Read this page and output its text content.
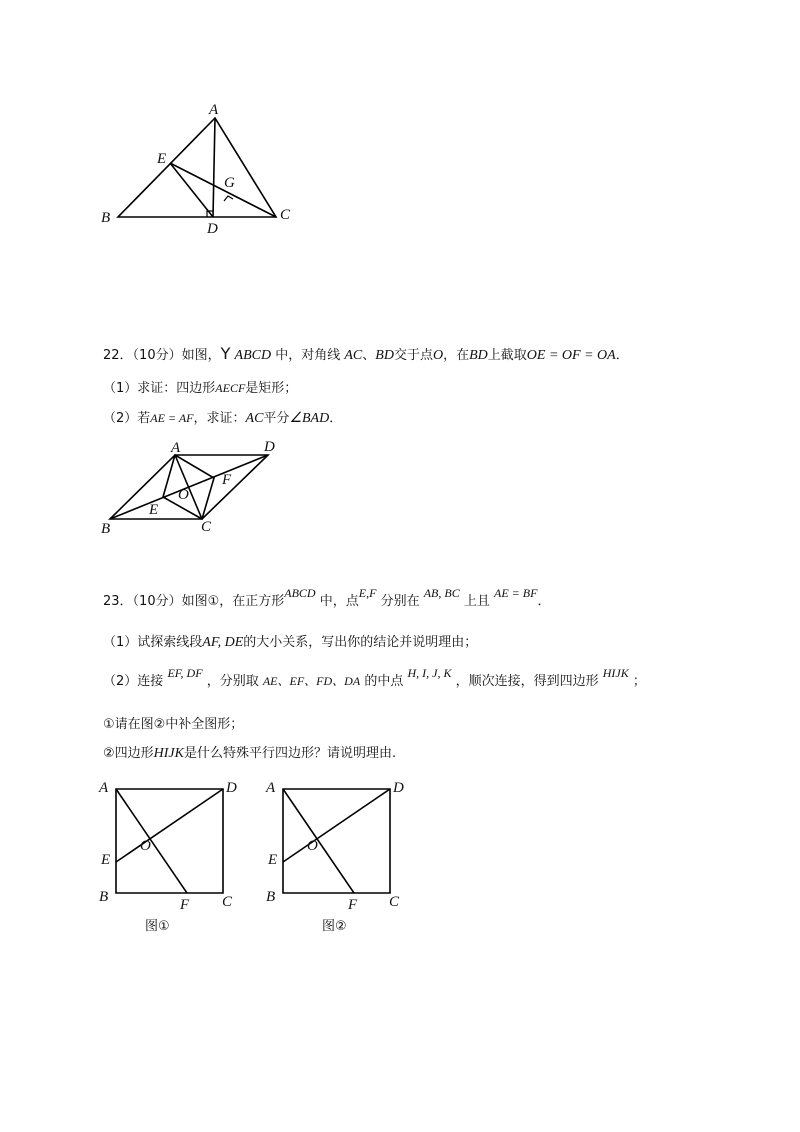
A
B	C
D
E
G
22．（10分）如图，Y ABCD 中，对角线 AC、BD交于点O，在BD上截取OE = OF = OA．
（1）求证：四边形AECF是矩形；
（2）若AE = AF，求证：AC平分∠BAD．
A	D
B	C
E
F
O
23．（10分）如图①，在正方形ABCD 中，点E,F 分别在 AB, BC 上且 AE = BF．
（1）试探索线段AF, DE的大小关系，写出你的结论并说明理由；
（2）连接 EF, DF ，分别取 AE、EF、FD、DA 的中点 H, I, J, K ，顺次连接，得到四边形 HIJK ；
①请在图②中补全图形；
②四边形HIJK是什么特殊平行四边形？请说明理由.
A	D
E
O
B	C
F
图①
A	D
E
O
B	C
F
图②
